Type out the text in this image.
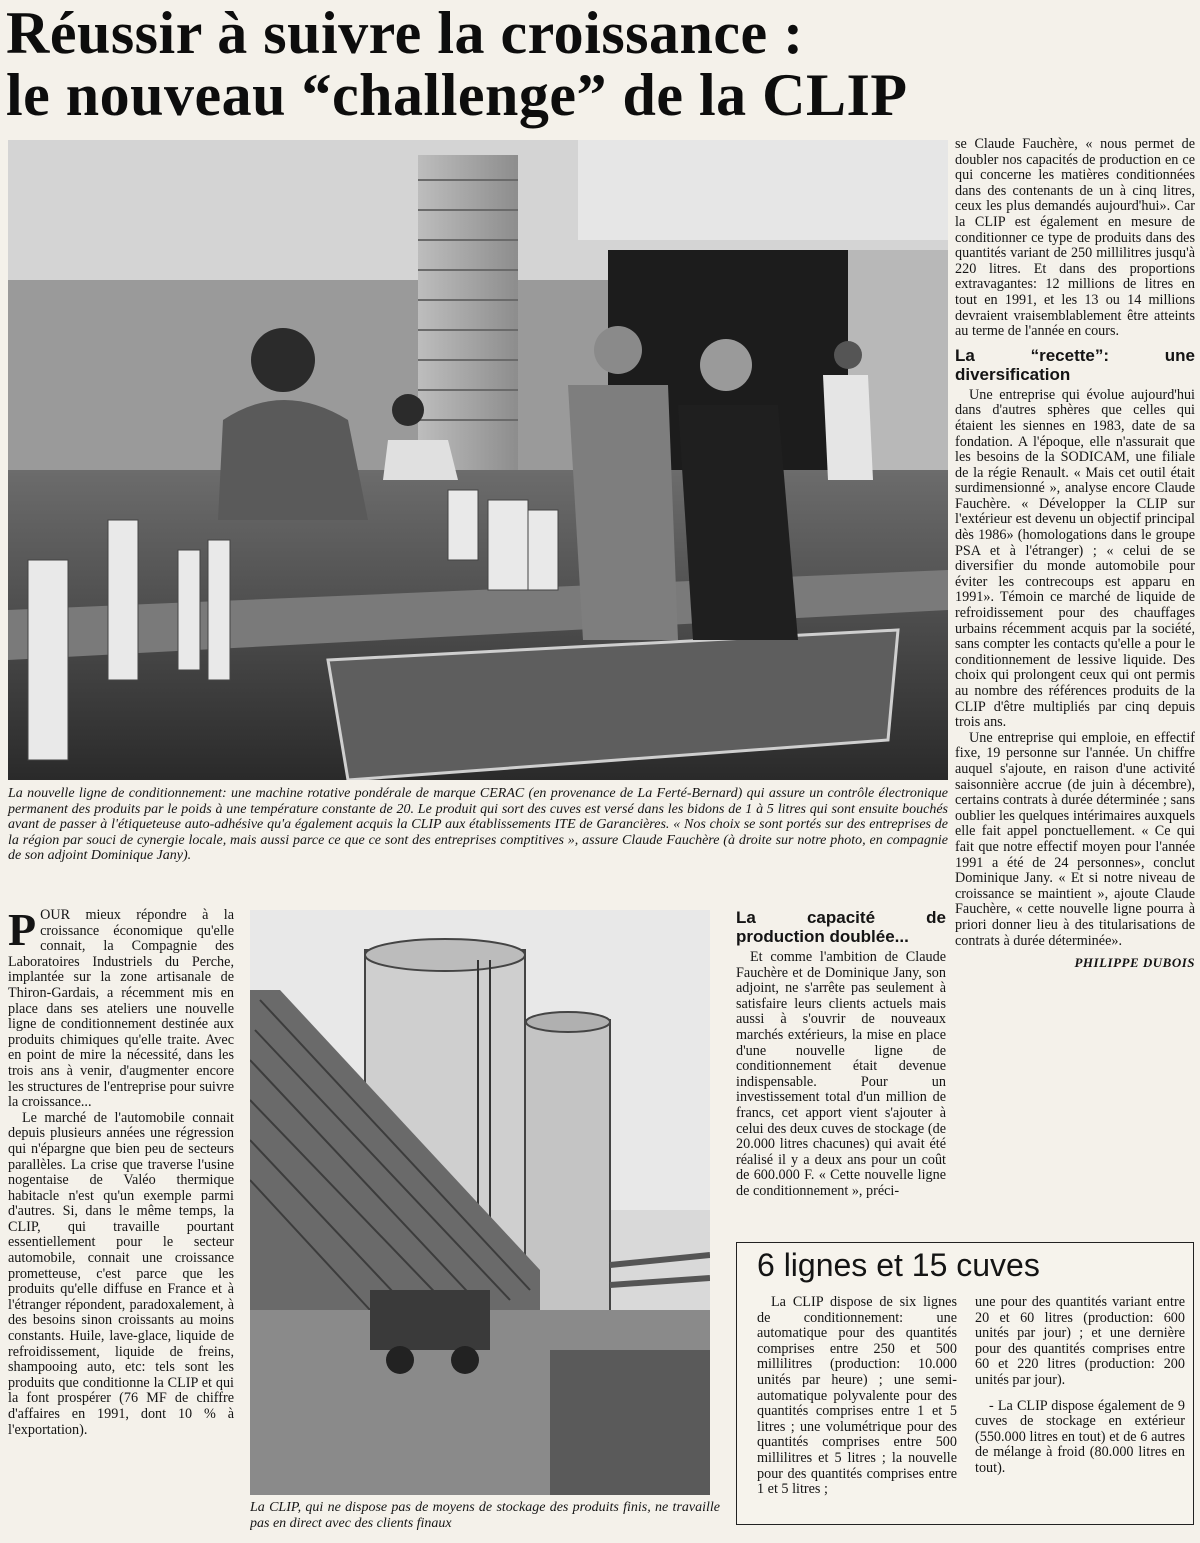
Réussir à suivre la croissance :
le nouveau “challenge” de la CLIP

se Claude Fauchère, « nous permet de doubler nos capacités de production en ce qui concerne les matières conditionnées dans des contenants de un à cinq litres, ceux les plus demandés aujourd'hui». Car la CLIP est également en mesure de conditionner ce type de produits dans des quantités variant de 250 millilitres jusqu'à 220 litres. Et dans des proportions extravagantes: 12 millions de litres en tout en 1991, et les 13 ou 14 millions devraient vraisemblablement être atteints au terme de l'année en cours.

La “recette”: une diversification

Une entreprise qui évolue aujourd'hui dans d'autres sphères que celles qui étaient les siennes en 1983, date de sa fondation. A l'époque, elle n'assurait que les besoins de la SODICAM, une filiale de la régie Renault. « Mais cet outil était surdimensionné », analyse encore Claude Fauchère. « Développer la CLIP sur l'extérieur est devenu un objectif principal dès 1986» (homologations dans le groupe PSA et à l'étranger) ; « celui de se diversifier du monde automobile pour éviter les contrecoups est apparu en 1991». Témoin ce marché de liquide de refroidissement pour des chauffages urbains récemment acquis par la société, sans compter les contacts qu'elle a pour le conditionnement de lessive liquide. Des choix qui prolongent ceux qui ont permis au nombre des références produits de la CLIP d'être multipliés par cinq depuis trois ans.

Une entreprise qui emploie, en effectif fixe, 19 personne sur l'année. Un chiffre auquel s'ajoute, en raison d'une activité saisonnière accrue (de juin à décembre), certains contrats à durée déterminée ; sans oublier les quelques intérimaires auxquels elle fait appel ponctuellement. « Ce qui fait que notre effectif moyen pour l'année 1991 a été de 24 personnes», conclut Dominique Jany. « Et si notre niveau de croissance se maintient », ajoute Claude Fauchère, « cette nouvelle ligne pourra à priori donner lieu à des titularisations de contrats à durée déterminée».

PHILIPPE DUBOIS
La nouvelle ligne de conditionnement: une machine rotative pondérale de marque CERAC (en provenance de La Ferté-Bernard) qui assure un contrôle électronique permanent des produits par le poids à une température constante de 20. Le produit qui sort des cuves est versé dans les bidons de 1 à 5 litres qui sont ensuite bouchés avant de passer à l'étiqueteuse auto-adhésive qu'a également acquis la CLIP aux établissements ITE de Garancières. « Nos choix se sont portés sur des entreprises de la région par souci de cynergie locale, mais aussi parce ce que ce sont des entreprises comptitives », assure Claude Fauchère (à droite sur notre photo, en compagnie de son adjoint Dominique Jany).

POUR mieux répondre à la croissance économique qu'elle connait, la Compagnie des Laboratoires Industriels du Perche, implantée sur la zone artisanale de Thiron-Gardais, a récemment mis en place dans ses ateliers une nouvelle ligne de conditionnement destinée aux produits chimiques qu'elle traite. Avec en point de mire la nécessité, dans les trois ans à venir, d'augmenter encore les structures de l'entreprise pour suivre la croissance...

Le marché de l'automobile connait depuis plusieurs années une régression qui n'épargne que bien peu de secteurs parallèles. La crise que traverse l'usine nogentaise de Valéo thermique habitacle n'est qu'un exemple parmi d'autres. Si, dans le même temps, la CLIP, qui travaille pourtant essentiellement pour le secteur automobile, connait une croissance prometteuse, c'est parce que les produits qu'elle diffuse en France et à l'étranger répondent, paradoxalement, à des besoins sinon croissants au moins constants. Huile, lave-glace, liquide de refroidissement, liquide de freins, shampooing auto, etc: tels sont les produits que conditionne la CLIP et qui la font prospérer (76 MF de chiffre d'affaires en 1991, dont 10 % à l'exportation).

La CLIP, qui ne dispose pas de moyens de stockage des produits finis, ne travaille pas en direct avec des clients finaux
La capacité de production doublée...

Et comme l'ambition de Claude Fauchère et de Dominique Jany, son adjoint, ne s'arrête pas seulement à satisfaire leurs clients actuels mais aussi à s'ouvrir de nouveaux marchés extérieurs, la mise en place d'une nouvelle ligne de conditionnement était devenue indispensable. Pour un investissement total d'un million de francs, cet apport vient s'ajouter à celui des deux cuves de stockage (de 20.000 litres chacunes) qui avait été réalisé il y a deux ans pour un coût de 600.000 F. « Cette nouvelle ligne de conditionnement », préci-

6 lignes et 15 cuves

La CLIP dispose de six lignes de conditionnement: une automatique pour des quantités comprises entre 250 et 500 millilitres (production: 10.000 unités par heure) ; une semi-automatique polyvalente pour des quantités comprises entre 1 et 5 litres ; une volumétrique pour des quantités comprises entre 500 millilitres et 5 litres ; la nouvelle pour des quantités comprises entre 1 et 5 litres ;

une pour des quantités variant entre 20 et 60 litres (production: 600 unités par jour) ; et une dernière pour des quantités comprises entre 60 et 220 litres (production: 200 unités par jour).

- La CLIP dispose également de 9 cuves de stockage en extérieur (550.000 litres en tout) et de 6 autres de mélange à froid (80.000 litres en tout).
